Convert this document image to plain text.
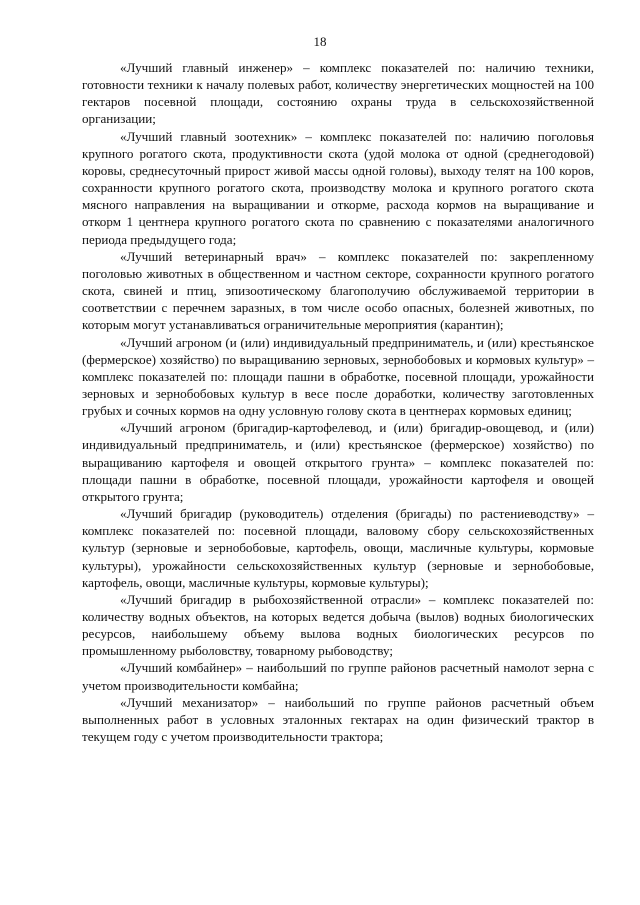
18

«Лучший главный инженер» – комплекс показателей по: наличию техники, готовности техники к началу полевых работ, количеству энергетических мощностей на 100 гектаров посевной площади, состоянию охраны труда в сельскохозяйственной организации;

«Лучший главный зоотехник» – комплекс показателей по: наличию поголовья крупного рогатого скота, продуктивности скота (удой молока от одной (среднегодовой) коровы, среднесуточный прирост живой массы одной головы), выходу телят на 100 коров, сохранности крупного рогатого скота, производству молока и крупного рогатого скота мясного направления на выращивании и откорме, расхода кормов на выращивание и откорм 1 центнера крупного рогатого скота по сравнению с показателями аналогичного периода предыдущего года;

«Лучший ветеринарный врач» – комплекс показателей по: закрепленному поголовью животных в общественном и частном секторе, сохранности крупного рогатого скота, свиней и птиц, эпизоотическому благополучию обслуживаемой территории в соответствии с перечнем заразных, в том числе особо опасных, болезней животных, по которым могут устанавливаться ограничительные мероприятия (карантин);

«Лучший агроном (и (или) индивидуальный предприниматель, и (или) крестьянское (фермерское) хозяйство) по выращиванию зерновых, зернобобовых и кормовых культур» – комплекс показателей по: площади пашни в обработке, посевной площади, урожайности зерновых и зернобобовых культур в весе после доработки, количеству заготовленных грубых и сочных кормов на одну условную голову скота в центнерах кормовых единиц;

«Лучший агроном (бригадир-картофелевод, и (или) бригадир-овощевод, и (или) индивидуальный предприниматель, и (или) крестьянское (фермерское) хозяйство) по выращиванию картофеля и овощей открытого грунта» – комплекс показателей по: площади пашни в обработке, посевной площади, урожайности картофеля и овощей открытого грунта;

«Лучший бригадир (руководитель) отделения (бригады) по растениеводству» – комплекс показателей по: посевной площади, валовому сбору сельскохозяйственных культур (зерновые и зернобобовые, картофель, овощи, масличные культуры, кормовые культуры), урожайности сельскохозяйственных культур (зерновые и зернобобовые, картофель, овощи, масличные культуры, кормовые культуры);

«Лучший бригадир в рыбохозяйственной отрасли» – комплекс показателей по: количеству водных объектов, на которых ведется добыча (вылов) водных биологических ресурсов, наибольшему объему вылова водных биологических ресурсов по промышленному рыболовству, товарному рыбоводству;

«Лучший комбайнер» – наибольший по группе районов расчетный намолот зерна с учетом производительности комбайна;

«Лучший механизатор» – наибольший по группе районов расчетный объем выполненных работ в условных эталонных гектарах на один физический трактор в текущем году с учетом производительности трактора;
